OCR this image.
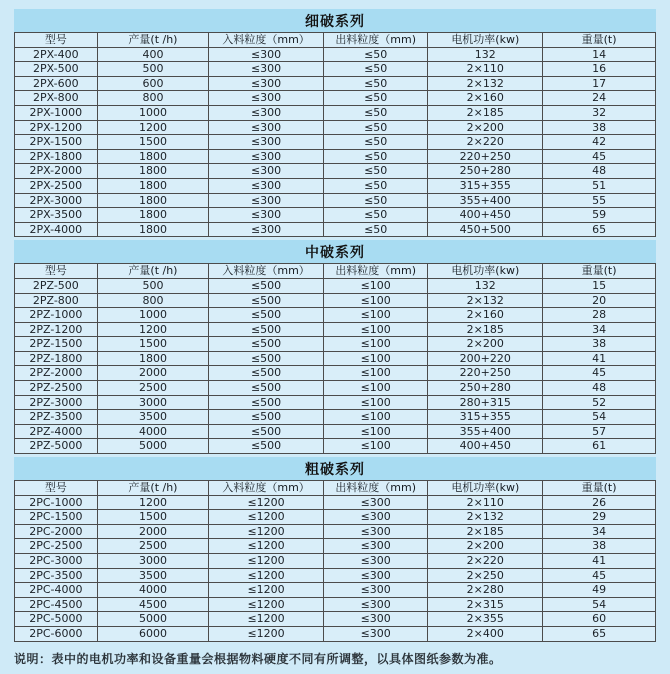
细破系列
型号	产量(t /h)	入料粒度（mm）	出料粒度（mm)	电机功率(kw)	重量(t)
2PX-400	400	≤300	≤50	132	14
2PX-500	500	≤300	≤50	2×110	16
2PX-600	600	≤300	≤50	2×132	17
2PX-800	800	≤300	≤50	2×160	24
2PX-1000	1000	≤300	≤50	2×185	32
2PX-1200	1200	≤300	≤50	2×200	38
2PX-1500	1500	≤300	≤50	2×220	42
2PX-1800	1800	≤300	≤50	220+250	45
2PX-2000	1800	≤300	≤50	250+280	48
2PX-2500	1800	≤300	≤50	315+355	51
2PX-3000	1800	≤300	≤50	355+400	55
2PX-3500	1800	≤300	≤50	400+450	59
2PX-4000	1800	≤300	≤50	450+500	65
中破系列
型号	产量(t /h)	入料粒度（mm）	出料粒度（mm)	电机功率(kw)	重量(t)
2PZ-500	500	≤500	≤100	132	15
2PZ-800	800	≤500	≤100	2×132	20
2PZ-1000	1000	≤500	≤100	2×160	28
2PZ-1200	1200	≤500	≤100	2×185	34
2PZ-1500	1500	≤500	≤100	2×200	38
2PZ-1800	1800	≤500	≤100	200+220	41
2PZ-2000	2000	≤500	≤100	220+250	45
2PZ-2500	2500	≤500	≤100	250+280	48
2PZ-3000	3000	≤500	≤100	280+315	52
2PZ-3500	3500	≤500	≤100	315+355	54
2PZ-4000	4000	≤500	≤100	355+400	57
2PZ-5000	5000	≤500	≤100	400+450	61
粗破系列
型号	产量(t /h)	入料粒度（mm）	出料粒度（mm)	电机功率(kw)	重量(t)
2PC-1000	1200	≤1200	≤300	2×110	26
2PC-1500	1500	≤1200	≤300	2×132	29
2PC-2000	2000	≤1200	≤300	2×185	34
2PC-2500	2500	≤1200	≤300	2×200	38
2PC-3000	3000	≤1200	≤300	2×220	41
2PC-3500	3500	≤1200	≤300	2×250	45
2PC-4000	4000	≤1200	≤300	2×280	49
2PC-4500	4500	≤1200	≤300	2×315	54
2PC-5000	5000	≤1200	≤300	2×355	60
2PC-6000	6000	≤1200	≤300	2×400	65
说明：表中的电机功率和设备重量会根据物料硬度不同有所调整，以具体图纸参数为准。
